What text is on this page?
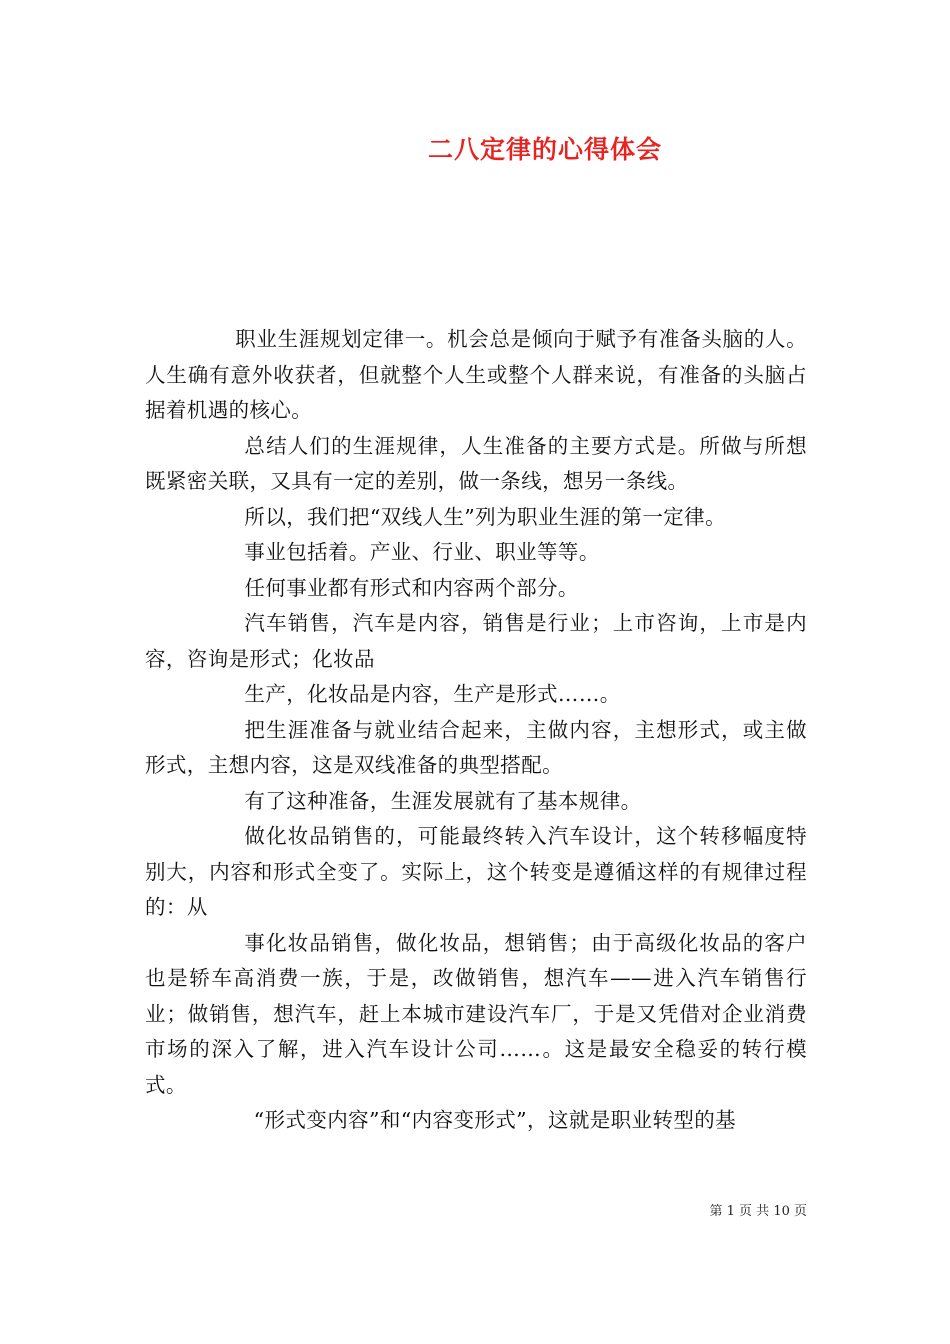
二八定律的心得体会

职业生涯规划定律一。机会总是倾向于赋予有准备头脑的人。人生确有意外收获者，但就整个人生或整个人群来说，有准备的头脑占据着机遇的核心。

总结人们的生涯规律，人生准备的主要方式是。所做与所想既紧密关联，又具有一定的差别，做一条线，想另一条线。

所以，我们把“双线人生”列为职业生涯的第一定律。

事业包括着。产业、行业、职业等等。

任何事业都有形式和内容两个部分。

汽车销售，汽车是内容，销售是行业；上市咨询，上市是内容，咨询是形式；化妆品

生产，化妆品是内容，生产是形式……。

把生涯准备与就业结合起来，主做内容，主想形式，或主做形式，主想内容，这是双线准备的典型搭配。

有了这种准备，生涯发展就有了基本规律。

做化妆品销售的，可能最终转入汽车设计，这个转移幅度特别大，内容和形式全变了。实际上，这个转变是遵循这样的有规律过程的：从

事化妆品销售，做化妆品，想销售；由于高级化妆品的客户也是轿车高消费一族，于是，改做销售，想汽车——进入汽车销售行业；做销售，想汽车，赶上本城市建设汽车厂，于是又凭借对企业消费市场的深入了解，进入汽车设计公司……。这是最安全稳妥的转行模式。

“形式变内容”和“内容变形式”，这就是职业转型的基

第 1 页 共 10 页
